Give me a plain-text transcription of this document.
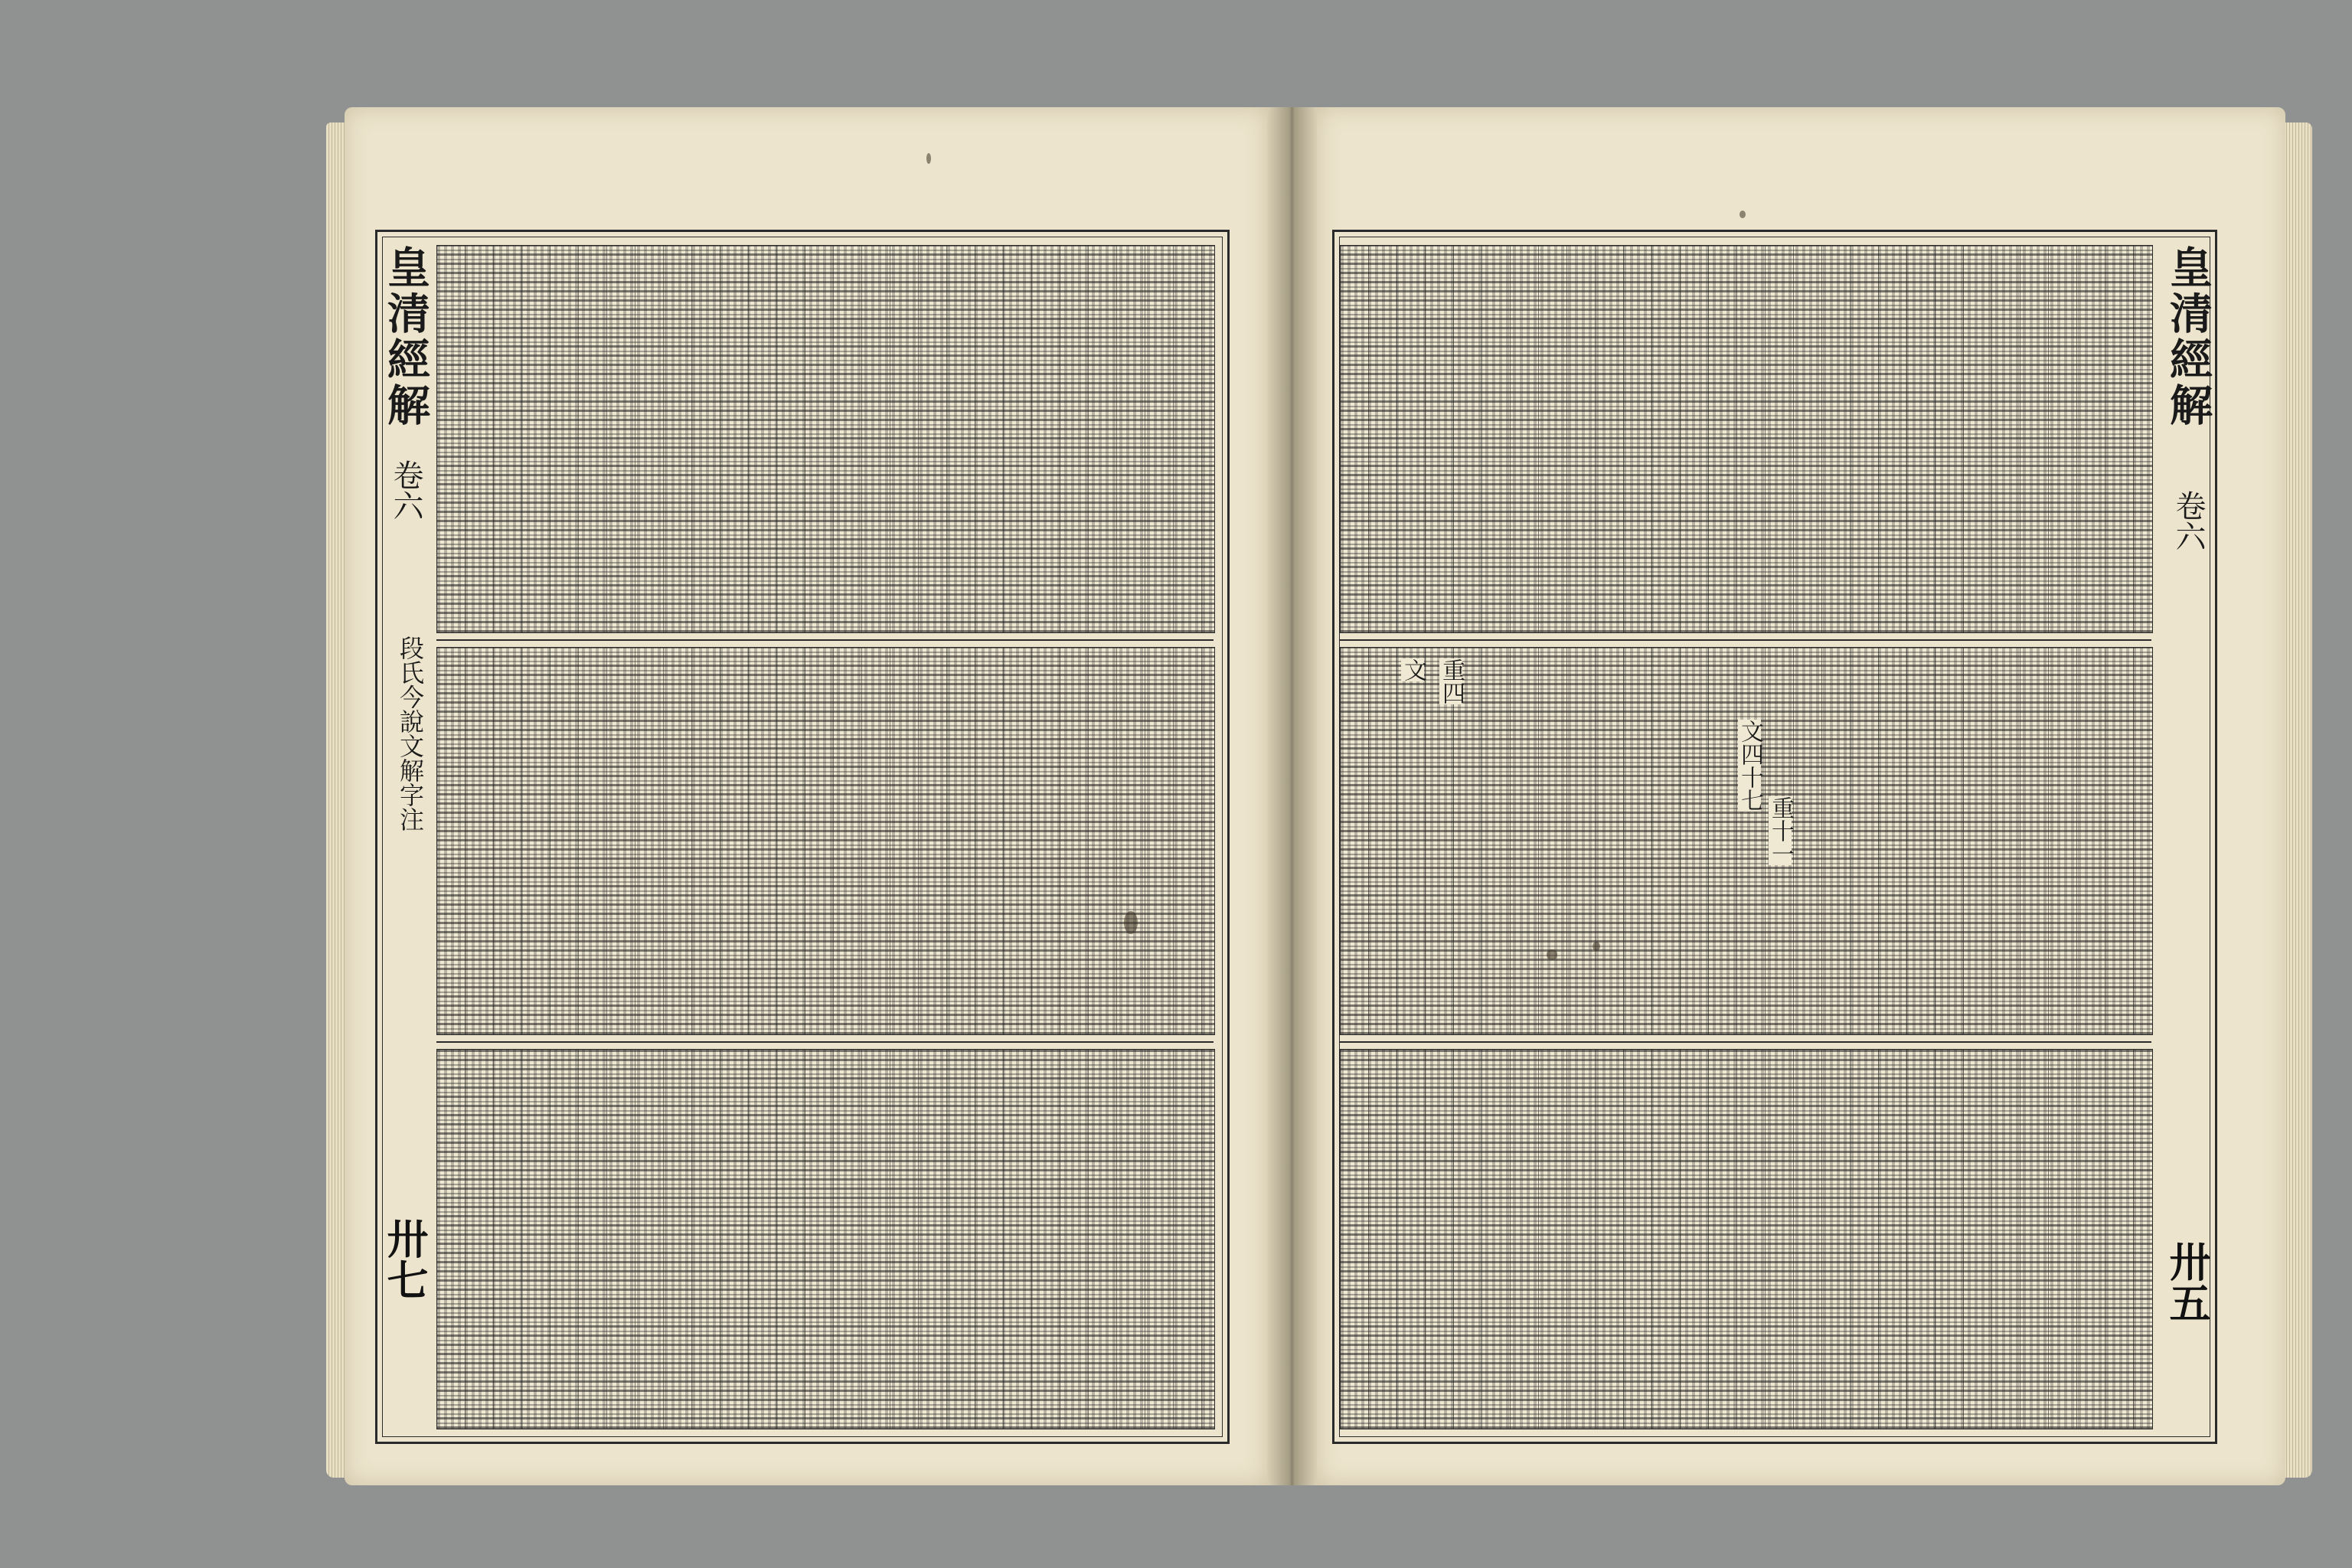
皇清經解
卷六
段氏今說文解字注
卅七
重四
文
重十一
文四十七
皇清經解
卷六
卅五
